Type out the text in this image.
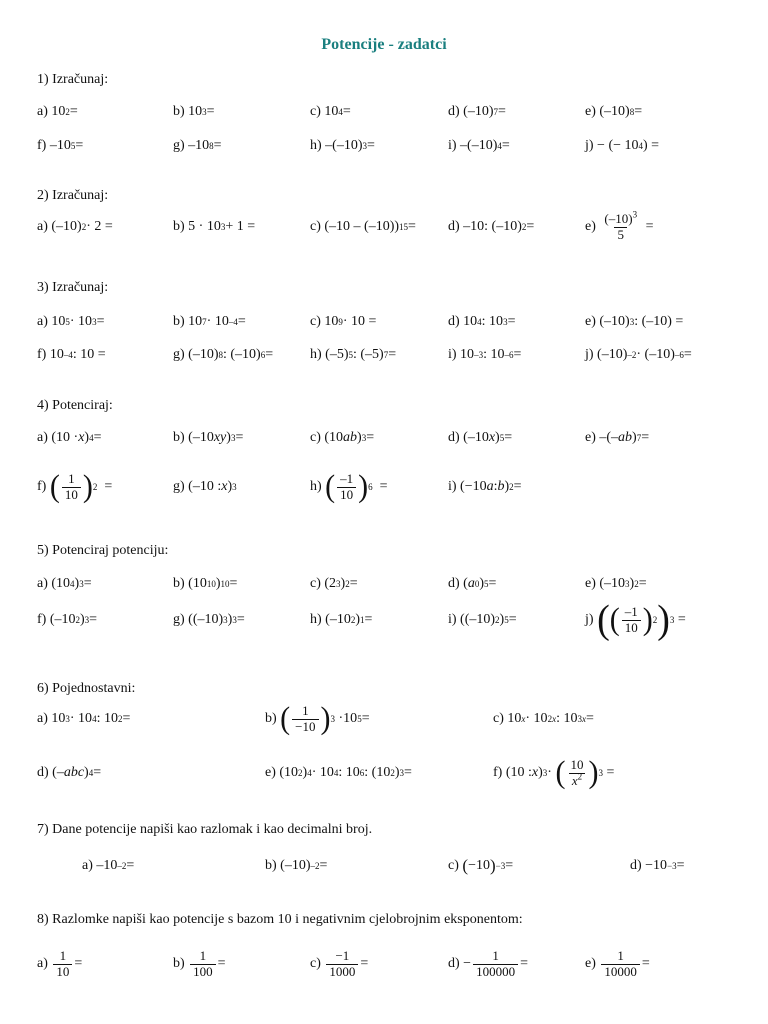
Potencije - zadatci
1) Izračunaj:
a) 10 2 =	b) 10 3 =	c) 10 4 =	d) (–10) 7 =	e) (–10) 8 =
f) –10 5 =	g) –10 8 =	h) –(–10) 3 =	i) –(–10) 4 =	j) − (− 10 4 ) =
2) Izračunaj:
a) (–10) 2 · 2 =	b) 5 · 10 3 + 1 =	c) (–10 – (–10)) 15 = d) –10: (–10) 2 =	$e) \frac{(-10)^3}{5}$ =
3) Izračunaj:
a) 10 5 · 10 3 =	b) 10 7 · 10 –4 =	c) 10 9 · 10 =	d) 10 4 : 10 3 =	e) (–10) 3 : (–10) =
f) 10 –4 : 10 =	g) (–10) 8 : (–10) 6 =	h) (–5) 5 : (–5) 7 =	i) 10 –3 : 10 –6 =	j) (–10) –2 · (–10) –6 =
4) Potenciraj:
a) (10 · x ) 4 =	b) (–10 xy ) 3 =	c) (10 ab ) 3 =	d) (–10 x ) 5 =	e) –(– ab ) 7 =
f) ( $\frac{1}{10}$ ) 2 =	g) (–10 : x ) 3	h) ( $\frac{-1}{10}$ ) 6 =	i) (−10 a : b ) 2 =
5) Potenciraj potenciju:
a) (10 4 ) 3 =	b) (10 10 ) 10 =	c) (2 3 ) 2 =	d) ( a 0 ) 5 =	e) (–10 3 ) 2 =
f) (–10 2 ) 3 =	g) ((–10) 3 ) 3 =	h) (–10 2 ) 1 =	i) ((–10) 2 ) 5 =	j) ( ( $\frac{-1}{10}$ ) 2 ) 3 =
6) Pojednostavni:
a) 10 3 · 10 4 : 10 2 =	b) ( $\frac{1}{-10}$ ) 3 ·10 5 =	c) 10 x · 10 2x : 10 3x =
d) (– abc ) 4 =	e) (10 2 ) 4 · 10 4 : 10 6 : (10 2 ) 3 =	f) (10 : x ) 3 · ( $\frac{10}{x^2}$ ) 3 =
7) Dane potencije napiši kao razlomak i kao decimalni broj.
a) –10 –2 =	b) (–10) –2 =	c) ( −10 ) −3 =	d) −10 −3 =
8) Razlomke napiši kao potencije s bazom 10 i negativnim cjelobrojnim eksponentom:
$a) \frac{1}{10}$ =	$b) \frac{1}{100}$ =	$c) \frac{-1}{1000}$ =	$d) - \frac{1}{100000}$ =	$e) \frac{1}{10000}$ =
